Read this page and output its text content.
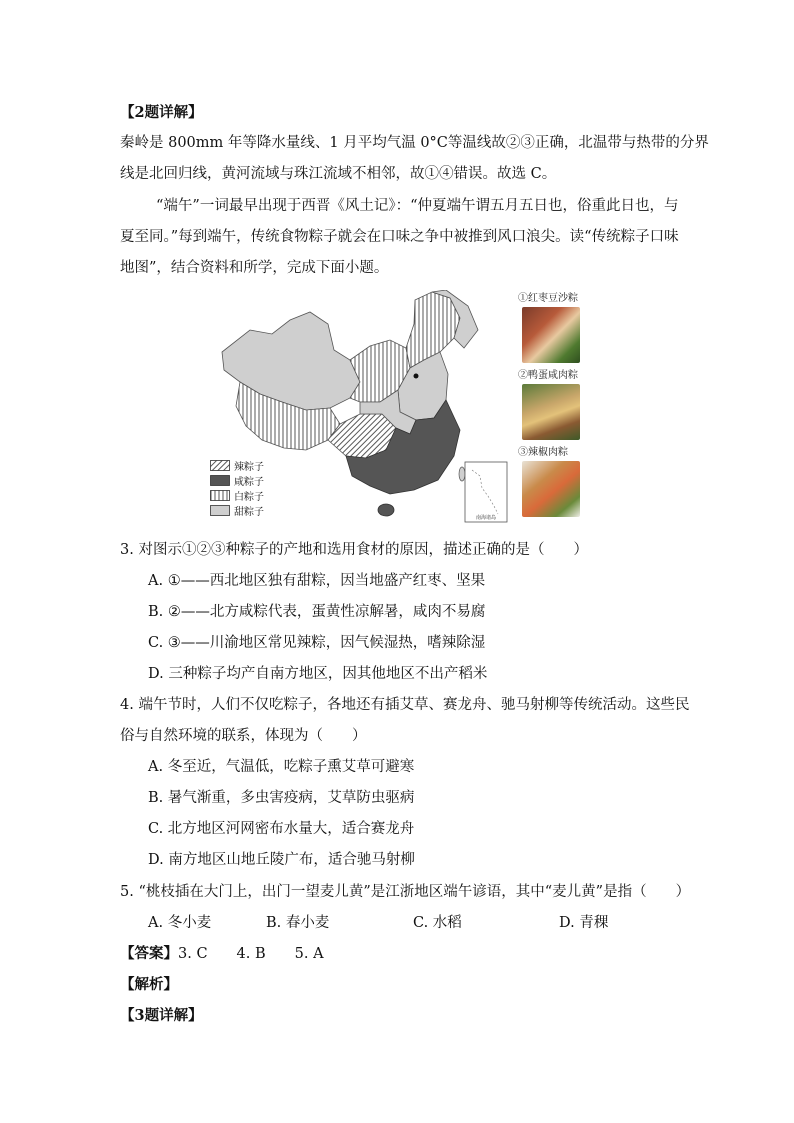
【2题详解】
秦岭是 800mm 年等降水量线、1 月平均气温 0°C等温线故②③正确，北温带与热带的分界
线是北回归线，黄河流域与珠江流域不相邻，故①④错误。故选 C。
“端午”一词最早出现于西晋《风土记》：“仲夏端午谓五月五日也，俗重此日也，与
夏至同。”每到端午，传统食物粽子就会在口味之争中被推到风口浪尖。读“传统粽子口味
地图”，结合资料和所学，完成下面小题。
南海诸岛
辣粽子
咸粽子
白粽子
甜粽子
①红枣豆沙粽
②鸭蛋咸肉粽
③辣椒肉粽
3. 对图示①②③种粽子的产地和选用食材的原因，描述正确的是（　　）
A. ①——西北地区独有甜粽，因当地盛产红枣、坚果
B. ②——北方咸粽代表，蛋黄性凉解暑，咸肉不易腐
C. ③——川渝地区常见辣粽，因气候湿热，嗜辣除湿
D. 三种粽子均产自南方地区，因其他地区不出产稻米
4. 端午节时，人们不仅吃粽子，各地还有插艾草、赛龙舟、驰马射柳等传统活动。这些民
俗与自然环境的联系，体现为（　　）
A. 冬至近，气温低，吃粽子熏艾草可避寒
B. 暑气渐重，多虫害疫病，艾草防虫驱病
C. 北方地区河网密布水量大，适合赛龙舟
D. 南方地区山地丘陵广布，适合驰马射柳
5. “桃枝插在大门上，出门一望麦儿黄”是江浙地区端午谚语，其中“麦儿黄”是指（　　）
A. 冬小麦	B. 春小麦	C. 水稻	D. 青稞
【答案】3. C　　4. B　　5. A
【解析】
【3题详解】
